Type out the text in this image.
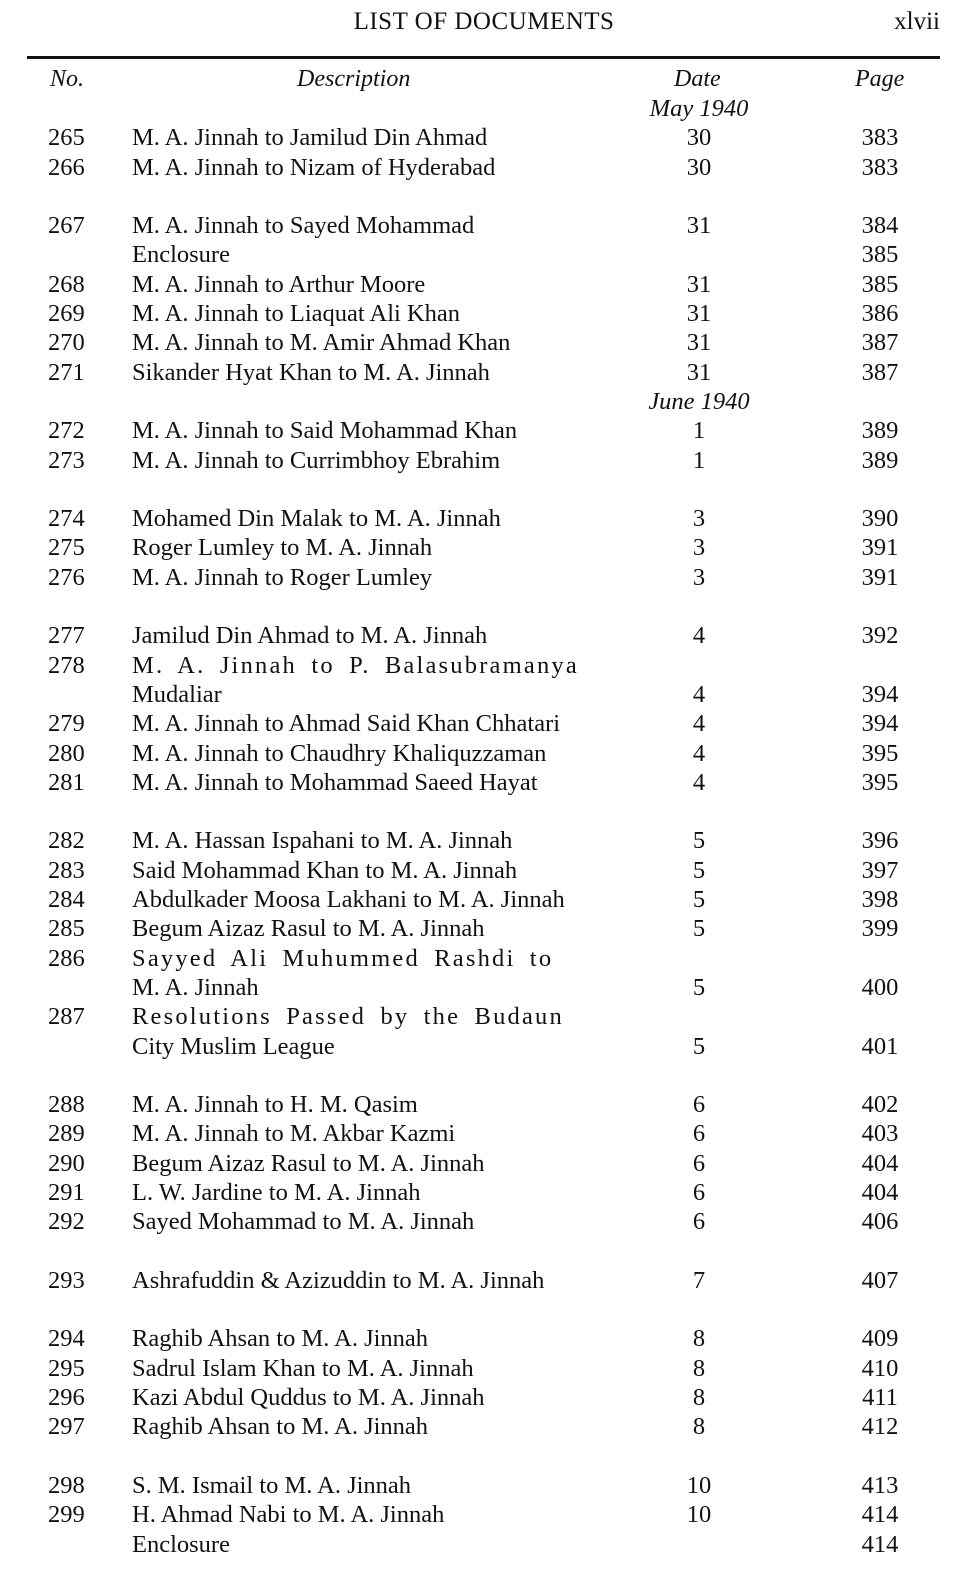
LIST OF DOCUMENTS	xlvii
No.	Description	Date	Page
May 1940
265	M. A. Jinnah to Jamilud Din Ahmad	30	383
266	M. A. Jinnah to Nizam of Hyderabad	30	383
267	M. A. Jinnah to Sayed Mohammad	31	384
Enclosure	385
268	M. A. Jinnah to Arthur Moore	31	385
269	M. A. Jinnah to Liaquat Ali Khan	31	386
270	M. A. Jinnah to M. Amir Ahmad Khan	31	387
271	Sikander Hyat Khan to M. A. Jinnah	31	387
June 1940
272	M. A. Jinnah to Said Mohammad Khan	1	389
273	M. A. Jinnah to Currimbhoy Ebrahim	1	389
274	Mohamed Din Malak to M. A. Jinnah	3	390
275	Roger Lumley to M. A. Jinnah	3	391
276	M. A. Jinnah to Roger Lumley	3	391
277	Jamilud Din Ahmad to M. A. Jinnah	4	392
278	M. A. Jinnah to P. Balasubramanya
Mudaliar	4	394
279	M. A. Jinnah to Ahmad Said Khan Chhatari	4	394
280	M. A. Jinnah to Chaudhry Khaliquzzaman	4	395
281	M. A. Jinnah to Mohammad Saeed Hayat	4	395
282	M. A. Hassan Ispahani to M. A. Jinnah	5	396
283	Said Mohammad Khan to M. A. Jinnah	5	397
284	Abdulkader Moosa Lakhani to M. A. Jinnah	5	398
285	Begum Aizaz Rasul to M. A. Jinnah	5	399
286	Sayyed Ali Muhummed Rashdi to
M. A. Jinnah	5	400
287	Resolutions Passed by the Budaun
City Muslim League	5	401
288	M. A. Jinnah to H. M. Qasim	6	402
289	M. A. Jinnah to M. Akbar Kazmi	6	403
290	Begum Aizaz Rasul to M. A. Jinnah	6	404
291	L. W. Jardine to M. A. Jinnah	6	404
292	Sayed Mohammad to M. A. Jinnah	6	406
293	Ashrafuddin & Azizuddin to M. A. Jinnah	7	407
294	Raghib Ahsan to M. A. Jinnah	8	409
295	Sadrul Islam Khan to M. A. Jinnah	8	410
296	Kazi Abdul Quddus to M. A. Jinnah	8	411
297	Raghib Ahsan to M. A. Jinnah	8	412
298	S. M. Ismail to M. A. Jinnah	10	413
299	H. Ahmad Nabi to M. A. Jinnah	10	414
Enclosure	414
